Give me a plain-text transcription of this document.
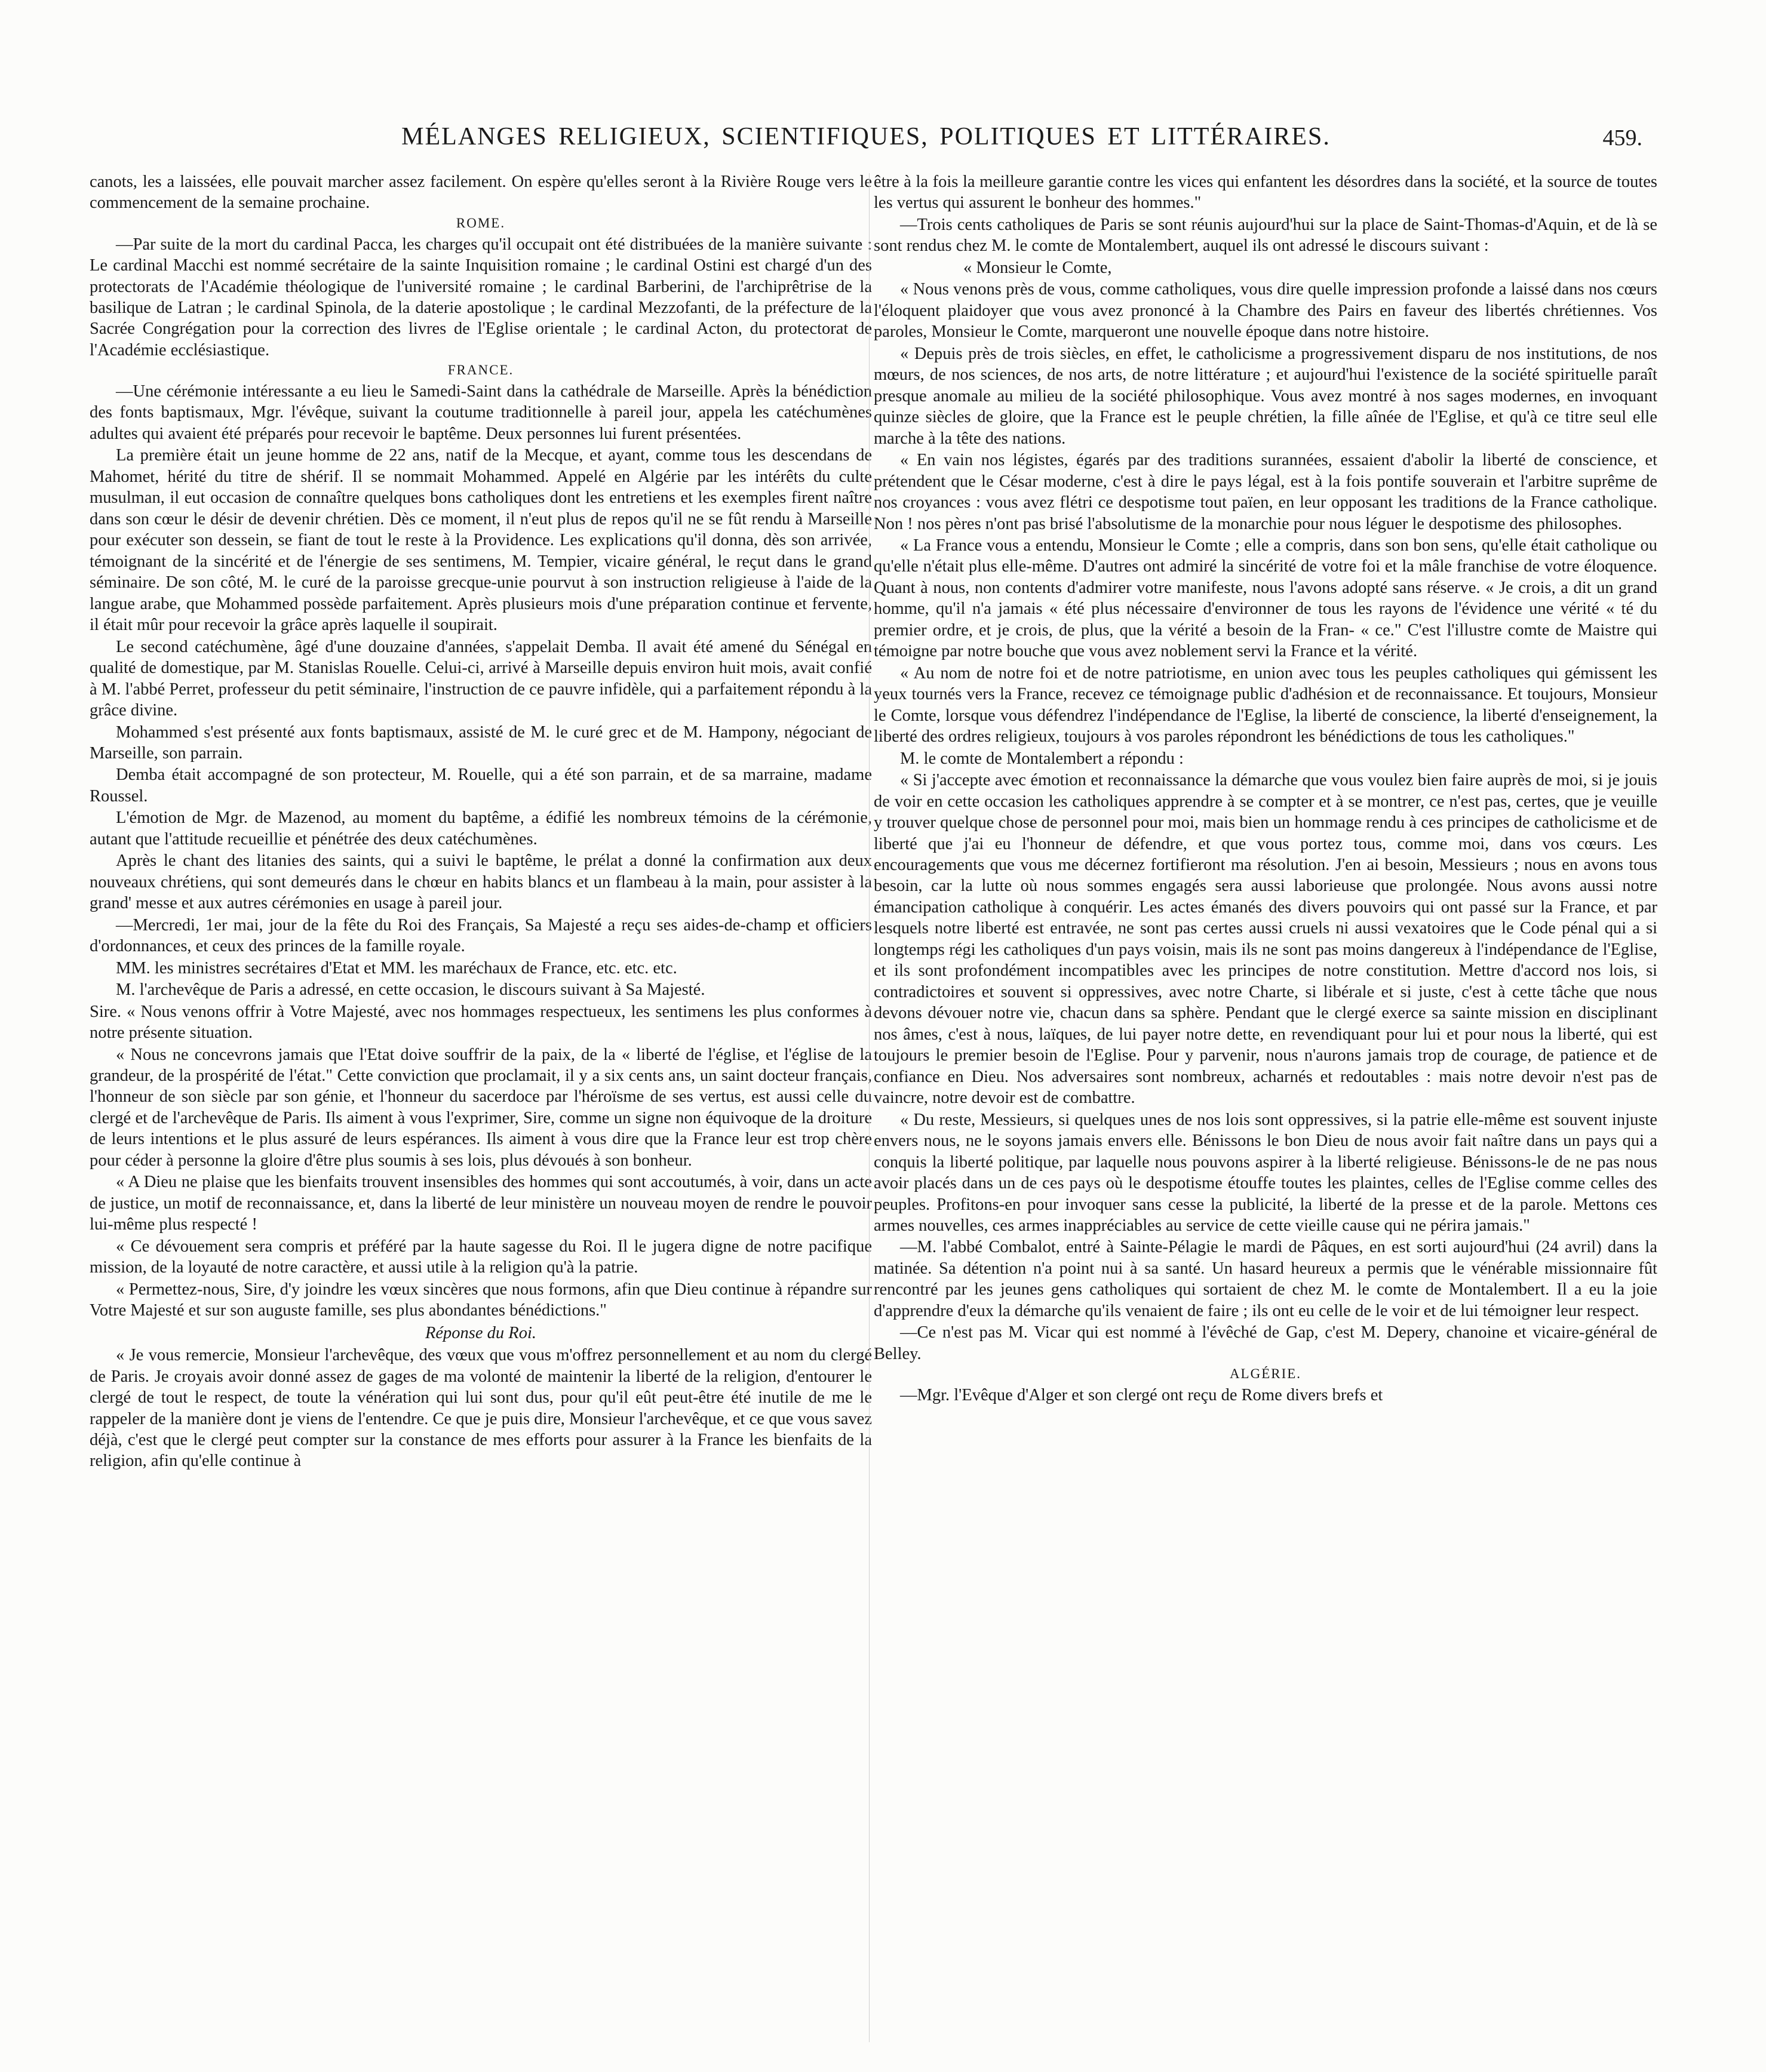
MÉLANGES RELIGIEUX, SCIENTIFIQUES, POLITIQUES ET LITTÉRAIRES.	459.

canots, les a laissées, elle pouvait marcher assez facilement. On espère qu'elles seront à la Rivière Rouge vers le commencement de la semaine prochaine.

ROME.

—Par suite de la mort du cardinal Pacca, les charges qu'il occupait ont été distribuées de la manière suivante : Le cardinal Macchi est nommé secrétaire de la sainte Inquisition romaine ; le cardinal Ostini est chargé d'un des protectorats de l'Académie théologique de l'université romaine ; le cardinal Barberini, de l'archiprêtrise de la basilique de Latran ; le cardinal Spinola, de la daterie apostolique ; le cardinal Mezzofanti, de la préfecture de la Sacrée Congrégation pour la correction des livres de l'Eglise orientale ; le cardinal Acton, du protectorat de l'Académie ecclésiastique.

FRANCE.

—Une cérémonie intéressante a eu lieu le Samedi-Saint dans la cathédrale de Marseille. Après la bénédiction des fonts baptismaux, Mgr. l'évêque, suivant la coutume traditionnelle à pareil jour, appela les catéchumènes adultes qui avaient été préparés pour recevoir le baptême. Deux personnes lui furent présentées.

La première était un jeune homme de 22 ans, natif de la Mecque, et ayant, comme tous les descendans de Mahomet, hérité du titre de shérif. Il se nommait Mohammed. Appelé en Algérie par les intérêts du culte musulman, il eut occasion de connaître quelques bons catholiques dont les entretiens et les exemples firent naître dans son cœur le désir de devenir chrétien. Dès ce moment, il n'eut plus de repos qu'il ne se fût rendu à Marseille pour exécuter son dessein, se fiant de tout le reste à la Providence. Les explications qu'il donna, dès son arrivée, témoignant de la sincérité et de l'énergie de ses sentimens, M. Tempier, vicaire général, le reçut dans le grand séminaire. De son côté, M. le curé de la paroisse grecque-unie pourvut à son instruction religieuse à l'aide de la langue arabe, que Mohammed possède parfaitement. Après plusieurs mois d'une préparation continue et fervente, il était mûr pour recevoir la grâce après laquelle il soupirait.

Le second catéchumène, âgé d'une douzaine d'années, s'appelait Demba. Il avait été amené du Sénégal en qualité de domestique, par M. Stanislas Rouelle. Celui-ci, arrivé à Marseille depuis environ huit mois, avait confié à M. l'abbé Perret, professeur du petit séminaire, l'instruction de ce pauvre infidèle, qui a parfaitement répondu à la grâce divine.

Mohammed s'est présenté aux fonts baptismaux, assisté de M. le curé grec et de M. Hampony, négociant de Marseille, son parrain.

Demba était accompagné de son protecteur, M. Rouelle, qui a été son parrain, et de sa marraine, madame Roussel.

L'émotion de Mgr. de Mazenod, au moment du baptême, a édifié les nombreux témoins de la cérémonie, autant que l'attitude recueillie et pénétrée des deux catéchumènes.

Après le chant des litanies des saints, qui a suivi le baptême, le prélat a donné la confirmation aux deux nouveaux chrétiens, qui sont demeurés dans le chœur en habits blancs et un flambeau à la main, pour assister à la grand' messe et aux autres cérémonies en usage à pareil jour.

—Mercredi, 1er mai, jour de la fête du Roi des Français, Sa Majesté a reçu ses aides-de-champ et officiers d'ordonnances, et ceux des princes de la famille royale.

MM. les ministres secrétaires d'Etat et MM. les maréchaux de France, etc. etc. etc.

M. l'archevêque de Paris a adressé, en cette occasion, le discours suivant à Sa Majesté.

Sire. « Nous venons offrir à Votre Majesté, avec nos hommages respectueux, les sentimens les plus conformes à notre présente situation.

« Nous ne concevrons jamais que l'Etat doive souffrir de la paix, de la « liberté de l'église, et l'église de la grandeur, de la prospérité de l'état." Cette conviction que proclamait, il y a six cents ans, un saint docteur français, l'honneur de son siècle par son génie, et l'honneur du sacerdoce par l'héroïsme de ses vertus, est aussi celle du clergé et de l'archevêque de Paris. Ils aiment à vous l'exprimer, Sire, comme un signe non équivoque de la droiture de leurs intentions et le plus assuré de leurs espérances. Ils aiment à vous dire que la France leur est trop chère pour céder à personne la gloire d'être plus soumis à ses lois, plus dévoués à son bonheur.

« A Dieu ne plaise que les bienfaits trouvent insensibles des hommes qui sont accoutumés, à voir, dans un acte de justice, un motif de reconnaissance, et, dans la liberté de leur ministère un nouveau moyen de rendre le pouvoir lui-même plus respecté !

« Ce dévouement sera compris et préféré par la haute sagesse du Roi. Il le jugera digne de notre pacifique mission, de la loyauté de notre caractère, et aussi utile à la religion qu'à la patrie.

« Permettez-nous, Sire, d'y joindre les vœux sincères que nous formons, afin que Dieu continue à répandre sur Votre Majesté et sur son auguste famille, ses plus abondantes bénédictions."

Réponse du Roi.

« Je vous remercie, Monsieur l'archevêque, des vœux que vous m'offrez personnellement et au nom du clergé de Paris. Je croyais avoir donné assez de gages de ma volonté de maintenir la liberté de la religion, d'entourer le clergé de tout le respect, de toute la vénération qui lui sont dus, pour qu'il eût peut-être été inutile de me le rappeler de la manière dont je viens de l'entendre. Ce que je puis dire, Monsieur l'archevêque, et ce que vous savez déjà, c'est que le clergé peut compter sur la constance de mes efforts pour assurer à la France les bienfaits de la religion, afin qu'elle continue à

être à la fois la meilleure garantie contre les vices qui enfantent les désordres dans la société, et la source de toutes les vertus qui assurent le bonheur des hommes."

—Trois cents catholiques de Paris se sont réunis aujourd'hui sur la place de Saint-Thomas-d'Aquin, et de là se sont rendus chez M. le comte de Montalembert, auquel ils ont adressé le discours suivant :

« Monsieur le Comte,

« Nous venons près de vous, comme catholiques, vous dire quelle impression profonde a laissé dans nos cœurs l'éloquent plaidoyer que vous avez prononcé à la Chambre des Pairs en faveur des libertés chrétiennes. Vos paroles, Monsieur le Comte, marqueront une nouvelle époque dans notre histoire.

« Depuis près de trois siècles, en effet, le catholicisme a progressivement disparu de nos institutions, de nos mœurs, de nos sciences, de nos arts, de notre littérature ; et aujourd'hui l'existence de la société spirituelle paraît presque anomale au milieu de la société philosophique. Vous avez montré à nos sages modernes, en invoquant quinze siècles de gloire, que la France est le peuple chrétien, la fille aînée de l'Eglise, et qu'à ce titre seul elle marche à la tête des nations.

« En vain nos légistes, égarés par des traditions surannées, essaient d'abolir la liberté de conscience, et prétendent que le César moderne, c'est à dire le pays légal, est à la fois pontife souverain et l'arbitre suprême de nos croyances : vous avez flétri ce despotisme tout païen, en leur opposant les traditions de la France catholique. Non ! nos pères n'ont pas brisé l'absolutisme de la monarchie pour nous léguer le despotisme des philosophes.

« La France vous a entendu, Monsieur le Comte ; elle a compris, dans son bon sens, qu'elle était catholique ou qu'elle n'était plus elle-même. D'autres ont admiré la sincérité de votre foi et la mâle franchise de votre éloquence. Quant à nous, non contents d'admirer votre manifeste, nous l'avons adopté sans réserve. « Je crois, a dit un grand homme, qu'il n'a jamais « été plus nécessaire d'environner de tous les rayons de l'évidence une vérité « té du premier ordre, et je crois, de plus, que la vérité a besoin de la Fran- « ce." C'est l'illustre comte de Maistre qui témoigne par notre bouche que vous avez noblement servi la France et la vérité.

« Au nom de notre foi et de notre patriotisme, en union avec tous les peuples catholiques qui gémissent les yeux tournés vers la France, recevez ce témoignage public d'adhésion et de reconnaissance. Et toujours, Monsieur le Comte, lorsque vous défendrez l'indépendance de l'Eglise, la liberté de conscience, la liberté d'enseignement, la liberté des ordres religieux, toujours à vos paroles répondront les bénédictions de tous les catholiques."

M. le comte de Montalembert a répondu :

« Si j'accepte avec émotion et reconnaissance la démarche que vous voulez bien faire auprès de moi, si je jouis de voir en cette occasion les catholiques apprendre à se compter et à se montrer, ce n'est pas, certes, que je veuille y trouver quelque chose de personnel pour moi, mais bien un hommage rendu à ces principes de catholicisme et de liberté que j'ai eu l'honneur de défendre, et que vous portez tous, comme moi, dans vos cœurs. Les encouragements que vous me décernez fortifieront ma résolution. J'en ai besoin, Messieurs ; nous en avons tous besoin, car la lutte où nous sommes engagés sera aussi laborieuse que prolongée. Nous avons aussi notre émancipation catholique à conquérir. Les actes émanés des divers pouvoirs qui ont passé sur la France, et par lesquels notre liberté est entravée, ne sont pas certes aussi cruels ni aussi vexatoires que le Code pénal qui a si longtemps régi les catholiques d'un pays voisin, mais ils ne sont pas moins dangereux à l'indépendance de l'Eglise, et ils sont profondément incompatibles avec les principes de notre constitution. Mettre d'accord nos lois, si contradictoires et souvent si oppressives, avec notre Charte, si libérale et si juste, c'est à cette tâche que nous devons dévouer notre vie, chacun dans sa sphère. Pendant que le clergé exerce sa sainte mission en disciplinant nos âmes, c'est à nous, laïques, de lui payer notre dette, en revendiquant pour lui et pour nous la liberté, qui est toujours le premier besoin de l'Eglise. Pour y parvenir, nous n'aurons jamais trop de courage, de patience et de confiance en Dieu. Nos adversaires sont nombreux, acharnés et redoutables : mais notre devoir n'est pas de vaincre, notre devoir est de combattre.

« Du reste, Messieurs, si quelques unes de nos lois sont oppressives, si la patrie elle-même est souvent injuste envers nous, ne le soyons jamais envers elle. Bénissons le bon Dieu de nous avoir fait naître dans un pays qui a conquis la liberté politique, par laquelle nous pouvons aspirer à la liberté religieuse. Bénissons-le de ne pas nous avoir placés dans un de ces pays où le despotisme étouffe toutes les plaintes, celles de l'Eglise comme celles des peuples. Profitons-en pour invoquer sans cesse la publicité, la liberté de la presse et de la parole. Mettons ces armes nouvelles, ces armes inappréciables au service de cette vieille cause qui ne périra jamais."

—M. l'abbé Combalot, entré à Sainte-Pélagie le mardi de Pâques, en est sorti aujourd'hui (24 avril) dans la matinée. Sa détention n'a point nui à sa santé. Un hasard heureux a permis que le vénérable missionnaire fût rencontré par les jeunes gens catholiques qui sortaient de chez M. le comte de Montalembert. Il a eu la joie d'apprendre d'eux la démarche qu'ils venaient de faire ; ils ont eu celle de le voir et de lui témoigner leur respect.

—Ce n'est pas M. Vicar qui est nommé à l'évêché de Gap, c'est M. Depery, chanoine et vicaire-général de Belley.

ALGÉRIE.

—Mgr. l'Evêque d'Alger et son clergé ont reçu de Rome divers brefs et
